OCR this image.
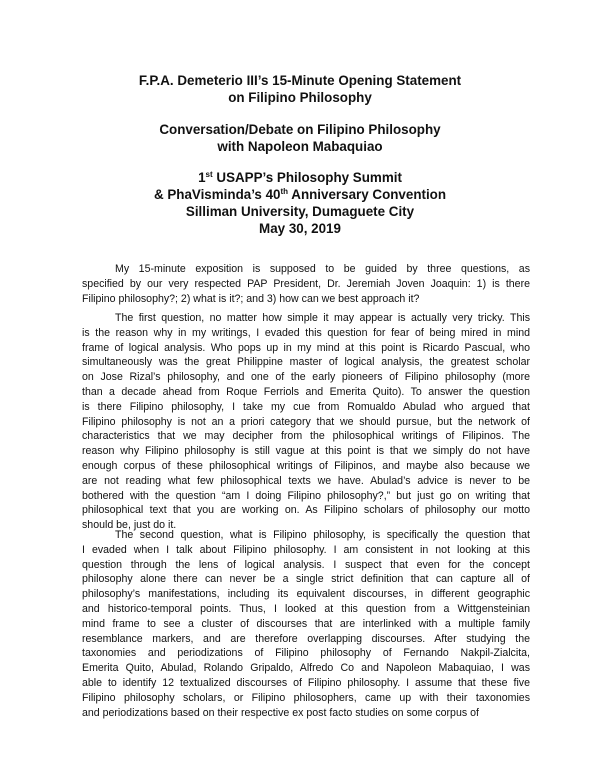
F.P.A. Demeterio III’s 15-Minute Opening Statement
on Filipino Philosophy
Conversation/Debate on Filipino Philosophy
with Napoleon Mabaquiao
1st USAPP’s Philosophy Summit
& PhaVisminda’s 40th Anniversary Convention
Silliman University, Dumaguete City
May 30, 2019

My 15-minute exposition is supposed to be guided by three questions, as
specified by our very respected PAP President, Dr. Jeremiah Joven Joaquin: 1) is there
Filipino philosophy?; 2) what is it?; and 3) how can we best approach it?

The first question, no matter how simple it may appear is actually very tricky. This
is the reason why in my writings, I evaded this question for fear of being mired in mind
frame of logical analysis. Who pops up in my mind at this point is Ricardo Pascual, who
simultaneously was the great Philippine master of logical analysis, the greatest scholar
on Jose Rizal’s philosophy, and one of the early pioneers of Filipino philosophy (more
than a decade ahead from Roque Ferriols and Emerita Quito). To answer the question
is there Filipino philosophy, I take my cue from Romualdo Abulad who argued that
Filipino philosophy is not an a priori category that we should pursue, but the network of
characteristics that we may decipher from the philosophical writings of Filipinos. The
reason why Filipino philosophy is still vague at this point is that we simply do not have
enough corpus of these philosophical writings of Filipinos, and maybe also because we
are not reading what few philosophical texts we have. Abulad’s advice is never to be
bothered with the question “am I doing Filipino philosophy?,” but just go on writing that
philosophical text that you are working on. As Filipino scholars of philosophy our motto
should be, just do it.

The second question, what is Filipino philosophy, is specifically the question that
I evaded when I talk about Filipino philosophy. I am consistent in not looking at this
question through the lens of logical analysis. I suspect that even for the concept
philosophy alone there can never be a single strict definition that can capture all of
philosophy’s manifestations, including its equivalent discourses, in different geographic
and historico-temporal points. Thus, I looked at this question from a Wittgensteinian
mind frame to see a cluster of discourses that are interlinked with a multiple family
resemblance markers, and are therefore overlapping discourses. After studying the
taxonomies and periodizations of Filipino philosophy of Fernando Nakpil-Zialcita,
Emerita Quito, Abulad, Rolando Gripaldo, Alfredo Co and Napoleon Mabaquiao, I was
able to identify 12 textualized discourses of Filipino philosophy. I assume that these five
Filipino philosophy scholars, or Filipino philosophers, came up with their taxonomies
and periodizations based on their respective ex post facto studies on some corpus of
